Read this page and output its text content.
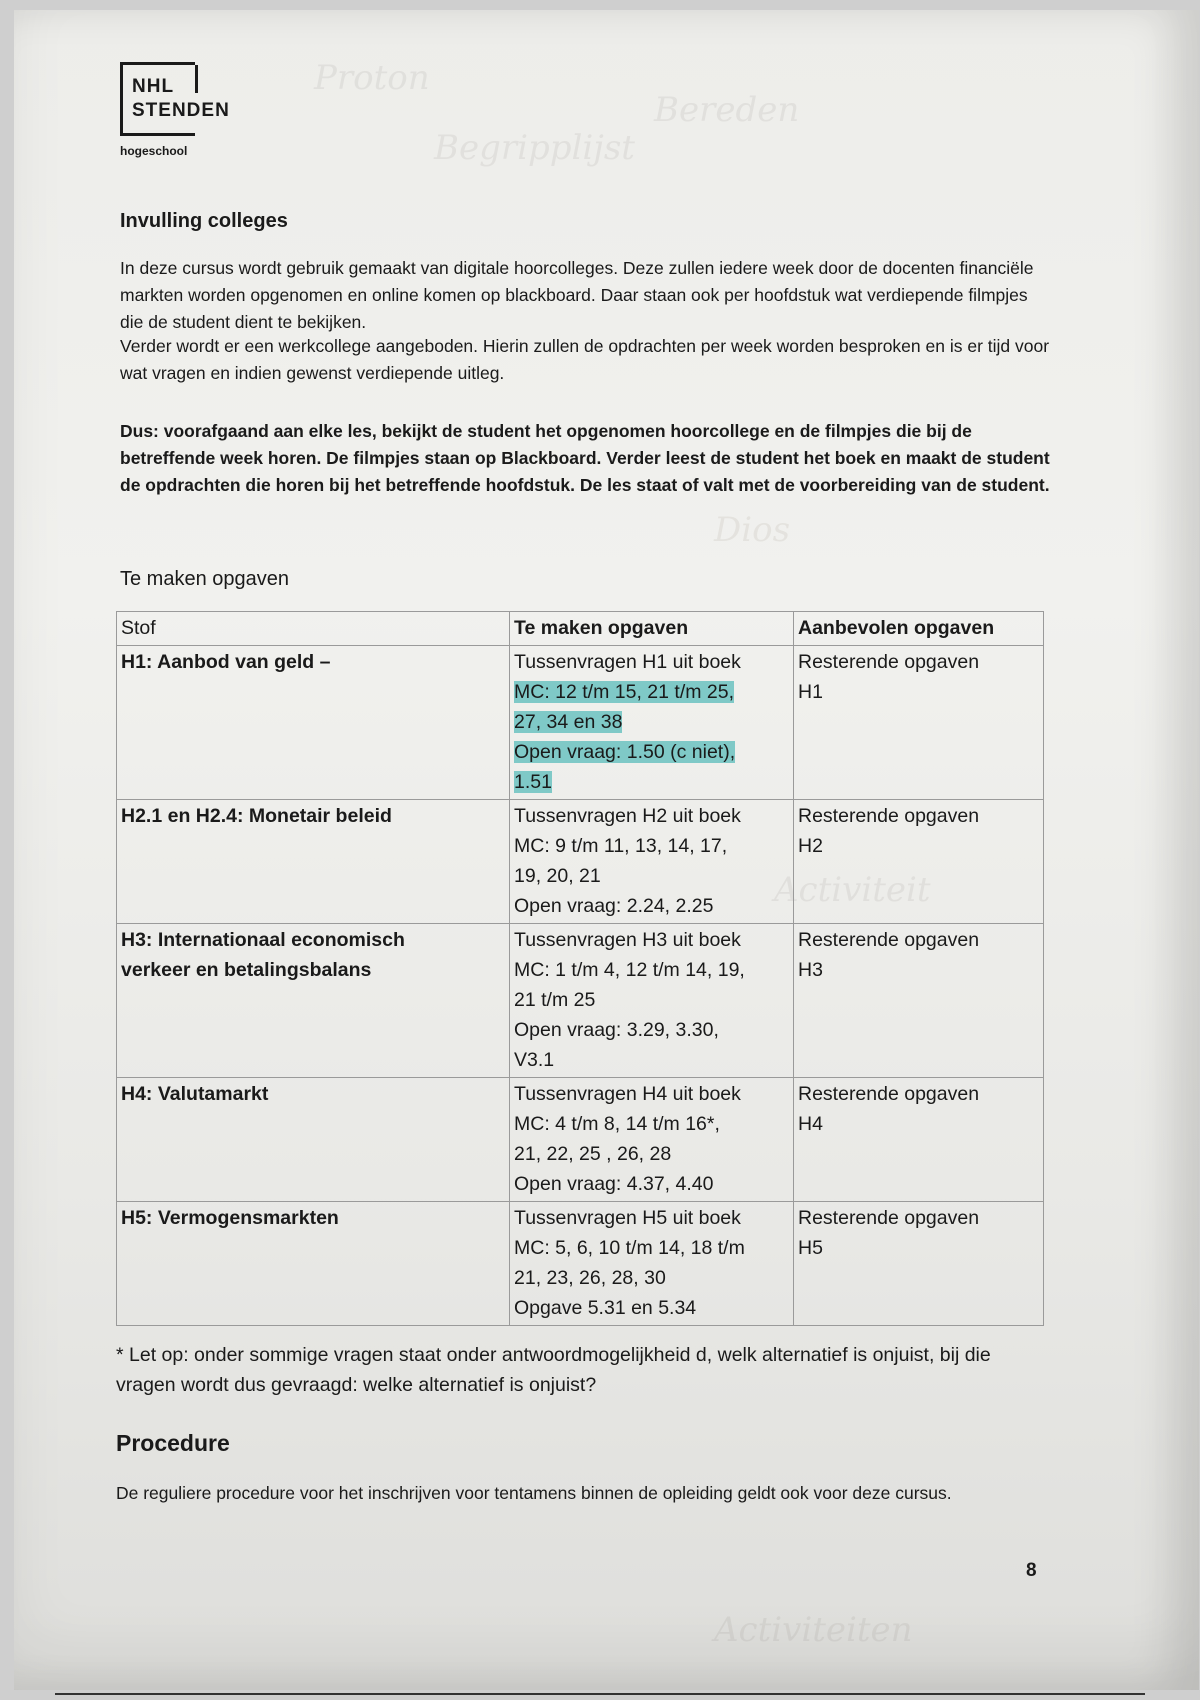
Proton
Bereden
Begripplijst
Dios
Activiteit
Activiteiten
NHL
STENDEN
hogeschool
Invulling colleges
In deze cursus wordt gebruik gemaakt van digitale hoorcolleges. Deze zullen iedere week door de docenten financiële markten worden opgenomen en online komen op blackboard. Daar staan ook per hoofdstuk wat verdiepende filmpjes die de student dient te bekijken.
Verder wordt er een werkcollege aangeboden. Hierin zullen de opdrachten per week worden besproken en is er tijd voor wat vragen en indien gewenst verdiepende uitleg.
Dus: voorafgaand aan elke les, bekijkt de student het opgenomen hoorcollege en de filmpjes die bij de betreffende week horen. De filmpjes staan op Blackboard. Verder leest de student het boek en maakt de student de opdrachten die horen bij het betreffende hoofdstuk. De les staat of valt met de voorbereiding van de student.
Te maken opgaven
Stof	Te maken opgaven	Aanbevolen opgaven
H1: Aanbod van geld –	Tussenvragen H1 uit boek
MC: 12 t/m 15, 21 t/m 25,
27, 34 en 38
Open vraag: 1.50 (c niet),
1.51	Resterende opgaven
H1

H2.1 en H2.4: Monetair beleid	Tussenvragen H2 uit boek
MC: 9 t/m 11, 13, 14, 17,
19, 20, 21
Open vraag: 2.24, 2.25	Resterende opgaven
H2

H3: Internationaal economisch
verkeer en betalingsbalans	Tussenvragen H3 uit boek
MC: 1 t/m 4, 12 t/m 14, 19,
21 t/m 25
Open vraag: 3.29, 3.30,
V3.1	Resterende opgaven
H3

H4: Valutamarkt	Tussenvragen H4 uit boek
MC: 4 t/m 8, 14 t/m 16*,
21, 22, 25 , 26, 28
Open vraag: 4.37, 4.40	Resterende opgaven
H4

H5: Vermogensmarkten	Tussenvragen H5 uit boek
MC: 5, 6, 10 t/m 14, 18 t/m
21, 23, 26, 28, 30
Opgave 5.31 en 5.34	Resterende opgaven
H5
* Let op: onder sommige vragen staat onder antwoordmogelijkheid d, welk alternatief is onjuist, bij die vragen wordt dus gevraagd: welke alternatief is onjuist?
Procedure
De reguliere procedure voor het inschrijven voor tentamens binnen de opleiding geldt ook voor deze cursus.
8
